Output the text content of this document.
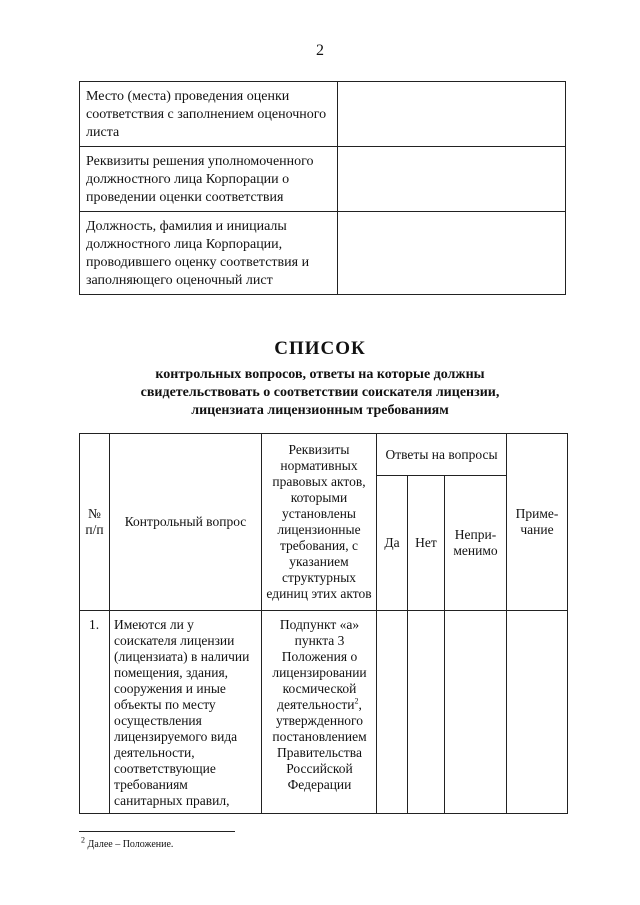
2
Место (места) проведения оценки соответствия с заполнением оценочного листа	
Реквизиты решения уполномоченного должностного лица Корпорации о проведении оценки соответствия	
Должность, фамилия и инициалы должностного лица Корпорации, проводившего оценку соответствия и заполняющего оценочный лист	
СПИСОК
контрольных вопросов, ответы на которые должны свидетельствовать о соответствии соискателя лицензии, лицензиата лицензионным требованиям
№ п/п	Контрольный вопрос	Реквизиты нормативных правовых актов, которыми установлены лицензионные требования, с указанием структурных единиц этих актов	Ответы на вопросы			Приме-чание
			Да	Нет	Непри-менимо	
1.	Имеются ли у соискателя лицензии (лицензиата) в наличии помещения, здания, сооружения и иные объекты по месту осуществления лицензируемого вида деятельности, соответствующие требованиям санитарных правил,	Подпункт «а» пункта 3 Положения о лицензировании космической деятельности$^2$, утвержденного постановлением Правительства Российской Федерации				
$^2$ Далее – Положение.
